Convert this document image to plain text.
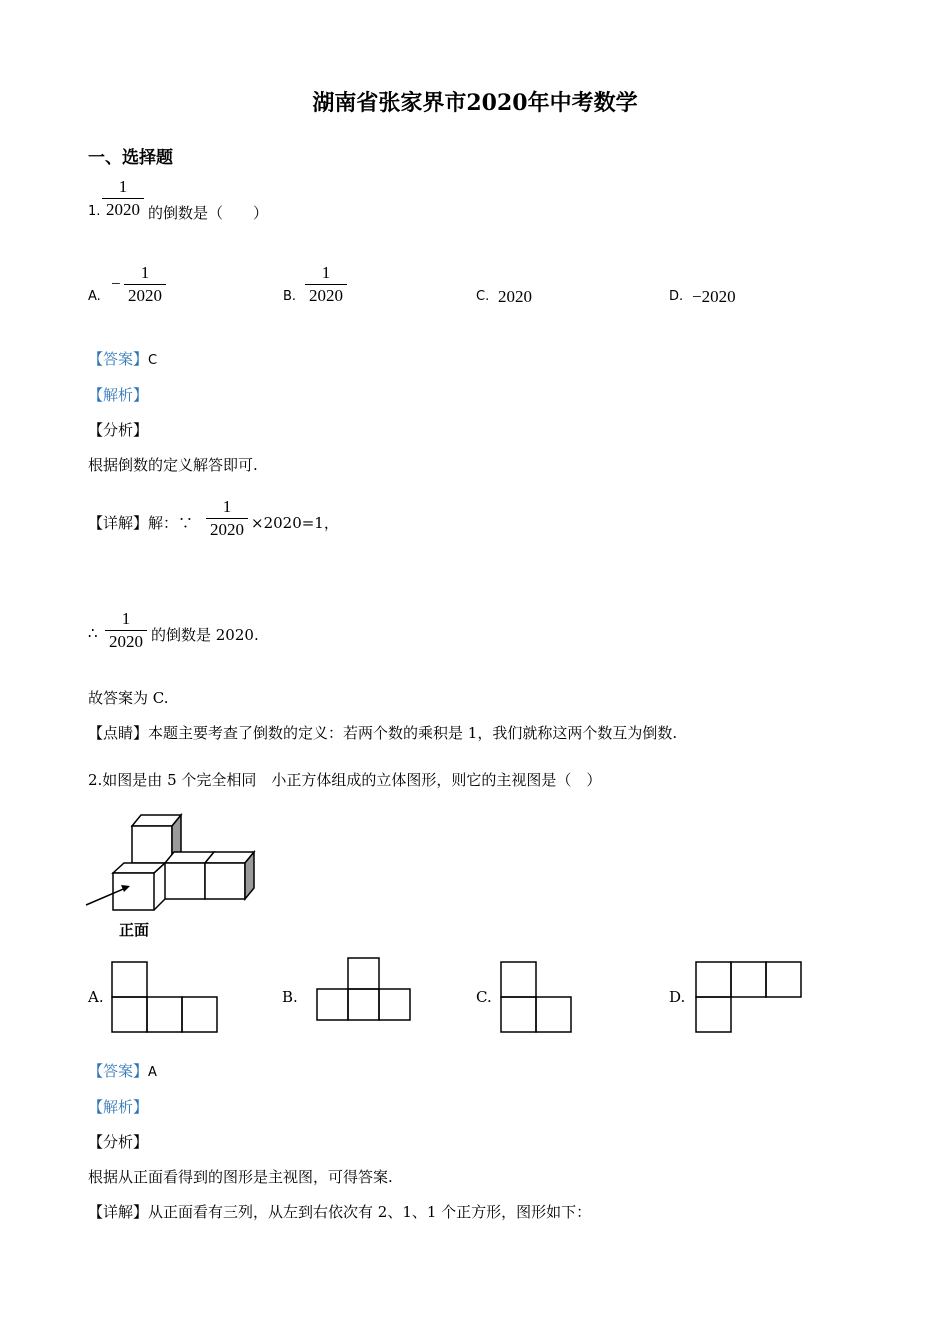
湖南省张家界市2020年中考数学
一、选择题
1.
1
2020 的倒数是（　　）
A.
−
1
2020	B.
1
2020	C. 2020	D. −2020
【答案】C
【解析】
【分析】
根据倒数的定义解答即可.
【详解】解：∵
1
2020 ×2020=1，
∴
1
2020 的倒数是 2020.
故答案为 C.
【点睛】本题主要考查了倒数的定义：若两个数的乘积是 1，我们就称这两个数互为倒数.
2.如图是由 5 个完全相同　小正方体组成的立体图形，则它的主视图是（　）
正面
A.	B.	C.	D.
【答案】A
【解析】
【分析】
根据从正面看得到的图形是主视图，可得答案.
【详解】从正面看有三列，从左到右依次有 2、1、1 个正方形，图形如下：
